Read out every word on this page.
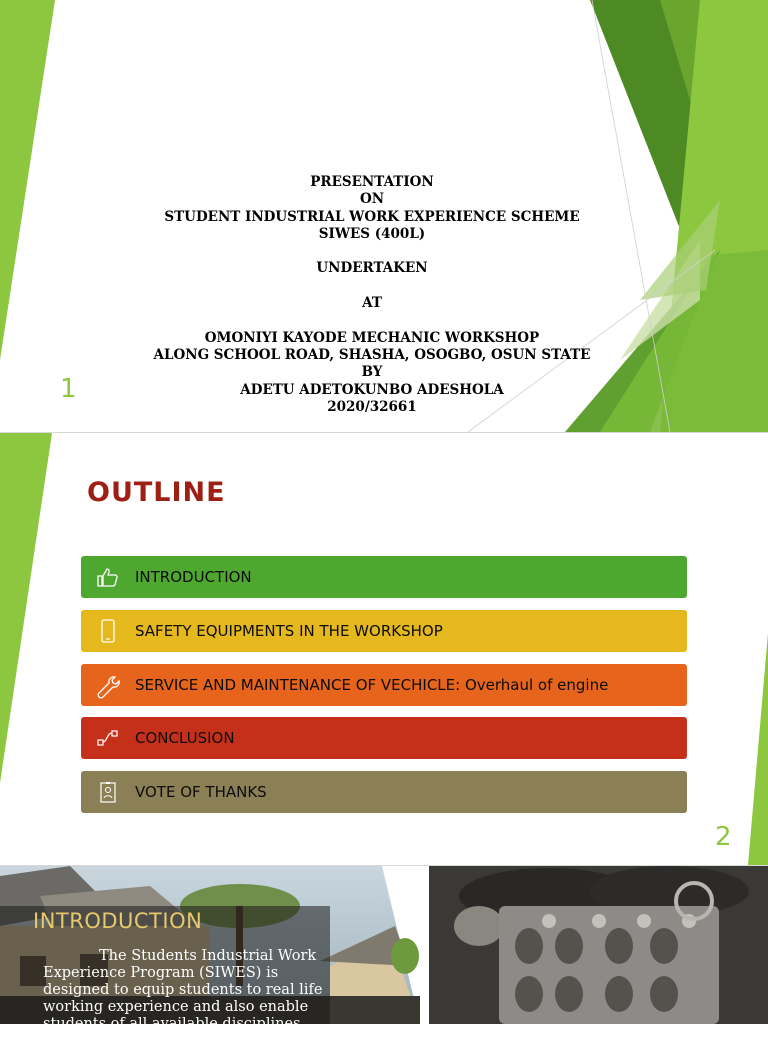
PRESENTATION
ON
STUDENT INDUSTRIAL WORK EXPERIENCE SCHEME
SIWES (400L)
UNDERTAKEN
AT
OMONIYI KAYODE MECHANIC WORKSHOP
ALONG SCHOOL ROAD, SHASHA, OSOGBO, OSUN STATE
BY
ADETU ADETOKUNBO ADESHOLA
2020/32661
1
OUTLINE
INTRODUCTION
SAFETY EQUIPMENTS IN THE WORKSHOP
SERVICE AND MAINTENANCE OF VECHICLE: Overhaul of engine
CONCLUSION
VOTE OF THANKS
2
INTRODUCTION
The Students Industrial Work Experience Program (SIWES) is designed to equip students to real life working experience and also enable students of all available disciplines gain practical
